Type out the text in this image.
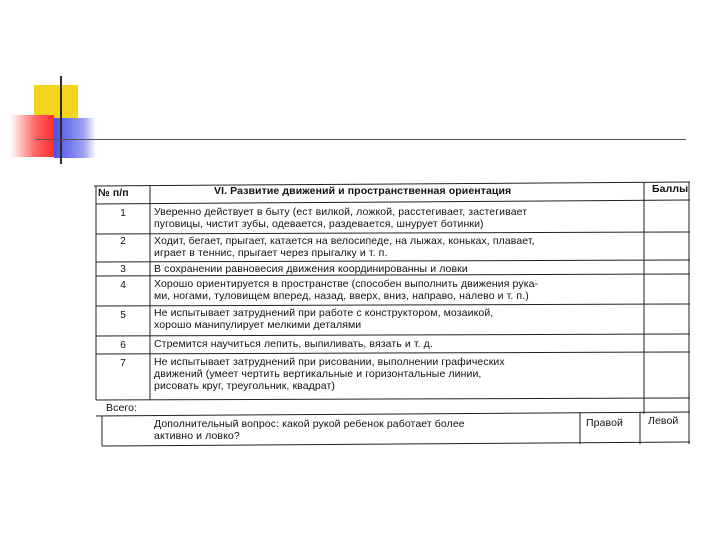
№ п/п	VI. Развитие движений и пространственная ориентация	Баллы
1	Уверенно действует в быту (ест вилкой, ложкой, расстегивает, застегивает
пуговицы, чистит зубы, одевается, раздевается, шнурует ботинки)
2	Ходит, бегает, прыгает, катается на велосипеде, на лыжах, коньках, плавает,
играет в теннис, прыгает через прыгалку и т. п.
3	В сохранении равновесия движения координированны и ловки
4	Хорошо ориентируется в пространстве (способен выполнить движения рука-
ми, ногами, туловищем вперед, назад, вверх, вниз, направо, налево и т. п.)
5	Не испытывает затруднений при работе с конструктором, мозаикой,
хорошо манипулирует мелкими деталями
6	Стремится научиться лепить, выпиливать, вязать и т. д.
7	Не испытывает затруднений при рисовании, выполнении графических
движений (умеет чертить вертикальные и горизонтальные линии,
рисовать круг, треугольник, квадрат)
Всего:
Дополнительный вопрос: какой рукой ребенок работает более
активно и ловко?
Правой Левой
